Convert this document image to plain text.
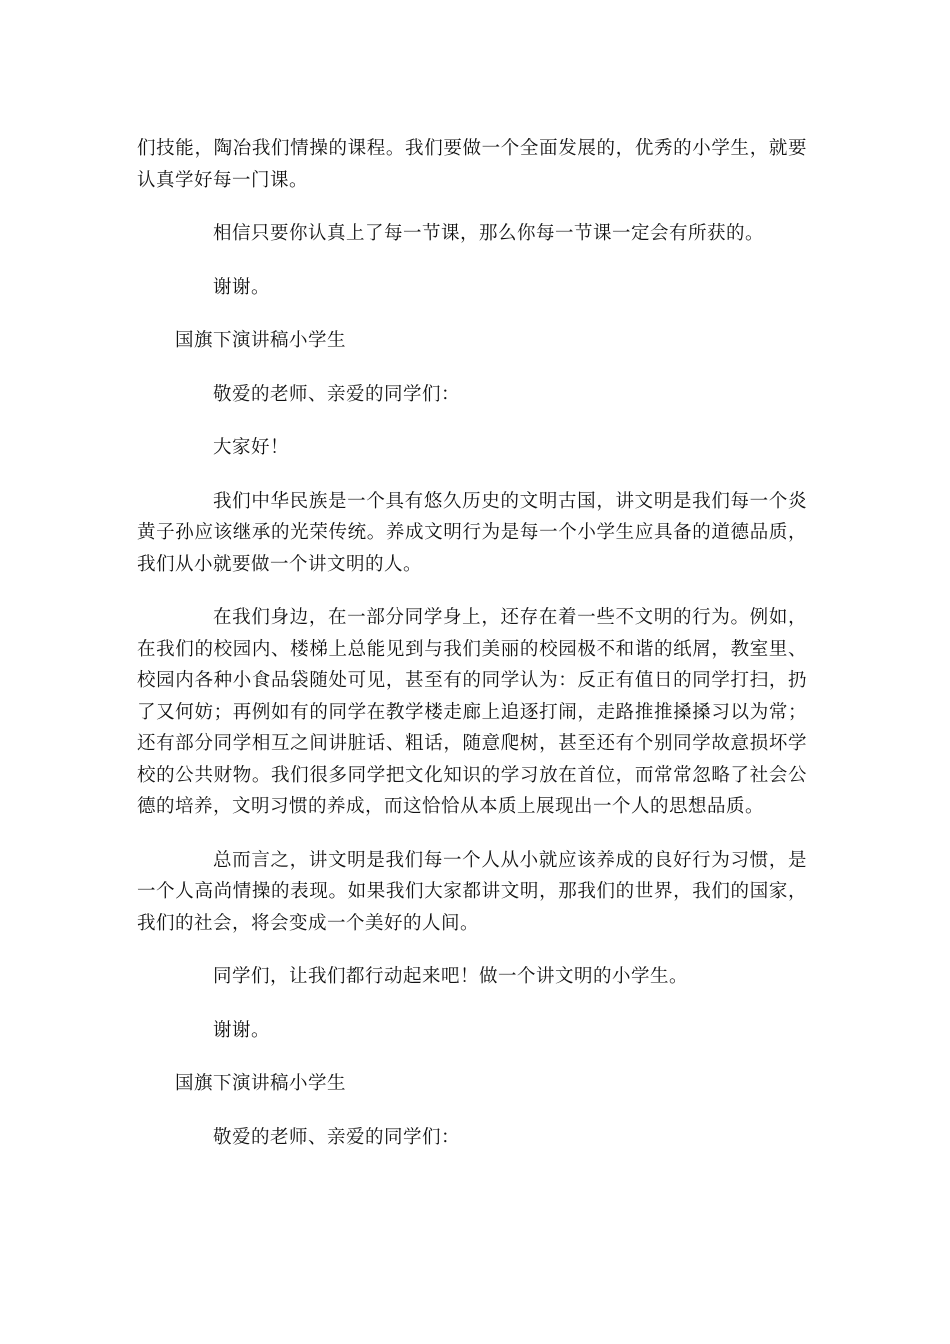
们技能，陶冶我们情操的课程。我们要做一个全面发展的，优秀的小学生，就要认真学好每一门课。

相信只要你认真上了每一节课，那么你每一节课一定会有所获的。

谢谢。

国旗下演讲稿小学生

敬爱的老师、亲爱的同学们：

大家好！

我们中华民族是一个具有悠久历史的文明古国，讲文明是我们每一个炎黄子孙应该继承的光荣传统。养成文明行为是每一个小学生应具备的道德品质，我们从小就要做一个讲文明的人。

在我们身边，在一部分同学身上，还存在着一些不文明的行为。例如，在我们的校园内、楼梯上总能见到与我们美丽的校园极不和谐的纸屑，教室里、校园内各种小食品袋随处可见，甚至有的同学认为：反正有值日的同学打扫，扔了又何妨；再例如有的同学在教学楼走廊上追逐打闹，走路推推搡搡习以为常；还有部分同学相互之间讲脏话、粗话，随意爬树，甚至还有个别同学故意损坏学校的公共财物。我们很多同学把文化知识的学习放在首位，而常常忽略了社会公德的培养，文明习惯的养成，而这恰恰从本质上展现出一个人的思想品质。

总而言之，讲文明是我们每一个人从小就应该养成的良好行为习惯，是一个人高尚情操的表现。如果我们大家都讲文明，那我们的世界，我们的国家，我们的社会，将会变成一个美好的人间。

同学们，让我们都行动起来吧！做一个讲文明的小学生。

谢谢。

国旗下演讲稿小学生

敬爱的老师、亲爱的同学们：
